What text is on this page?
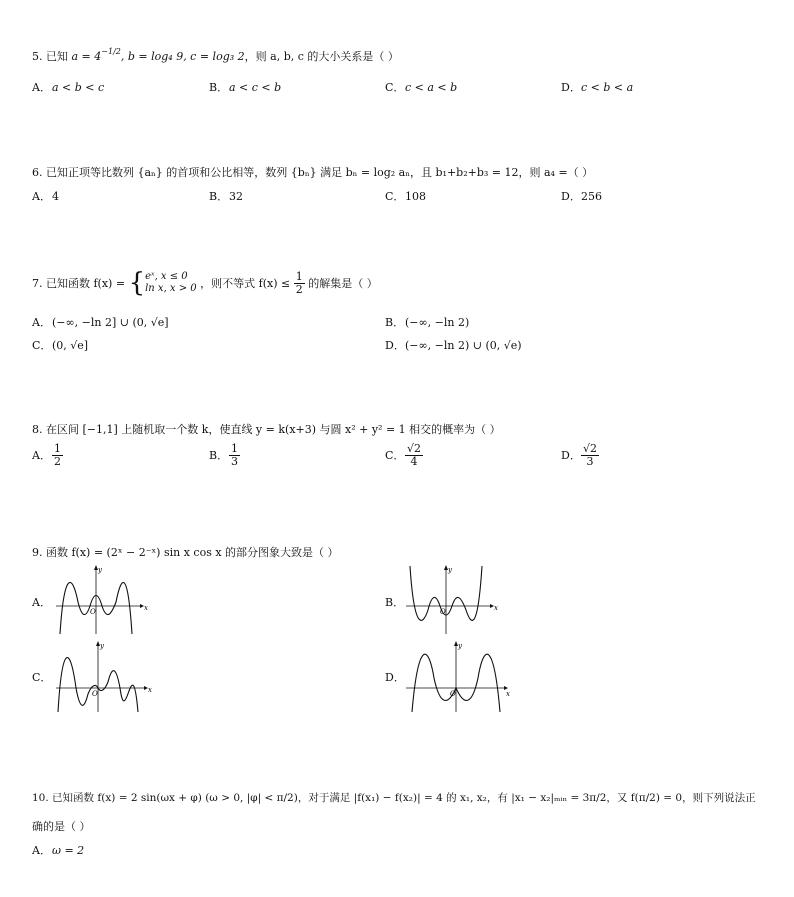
5. 已知 $a = 4^{-1/2}$, b = log₄ 9, c = log₃ 2，则 a, b, c 的大小关系是（ ）
A．a < b < c	B．a < c < b	C．c < a < b	D．c < b < a
6. 已知正项等比数列 {aₙ} 的首项和公比相等，数列 {bₙ} 满足 bₙ = log₂ aₙ，且 b₁+b₂+b₃ = 12，则 a₄ =（ ）
A．4	B．32	C．108	D．256
7. 已知函数 f(x) = { eˣ, x ≤ 0
ln x, x > 0 ，则不等式 $f(x) \le \frac{1}{2}$ 的解集是（ ）
A．(−∞, −ln 2] ∪ (0, √e]	B．(−∞, −ln 2)
C．(0, √e]	D．(−∞, −ln 2) ∪ (0, √e)
8. 在区间 [−1,1] 上随机取一个数 k，使直线 y = k(x+3) 与圆 x² + y² = 1 相交的概率为（ ）
A． $\frac{1}{2}$	B． $\frac{1}{3}$	C． $\frac{√2}{4}$	D． $\frac{√2}{3}$
9. 函数 f(x) = (2ˣ − 2⁻ˣ) sin x cos x 的部分图象大致是（ ）
A．	B．
C．	D．
x
y
O	x
y
O
x
y
O	x
y
O
10. 已知函数 f(x) = 2 sin(ωx + φ) (ω > 0, |φ| < π/2)，对于满足 |f(x₁) − f(x₂)| = 4 的 x₁, x₂，有 |x₁ − x₂|ₘᵢₙ = 3π/2，又 f(π/2) = 0，则下列说法正
确的是（ ）
A．ω = 2
